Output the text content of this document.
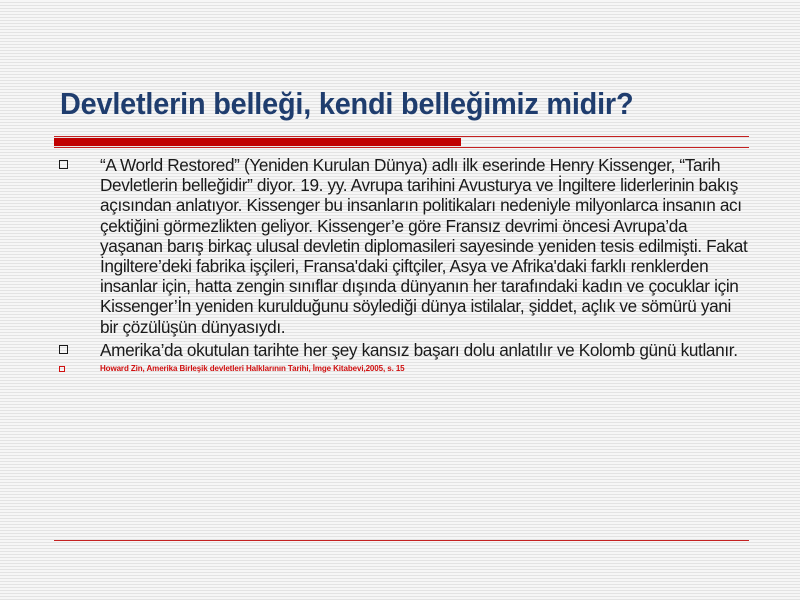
Devletlerin belleği, kendi belleğimiz midir?
“A World Restored” (Yeniden Kurulan Dünya) adlı ilk eserinde Henry Kissenger, “Tarih Devletlerin belleğidir” diyor. 19. yy. Avrupa tarihini Avusturya ve İngiltere liderlerinin bakış açısından anlatıyor. Kissenger bu insanların politikaları nedeniyle milyonlarca insanın acı çektiğini görmezlikten geliyor. Kissenger’e göre Fransız devrimi öncesi Avrupa’da yaşanan barış birkaç ulusal devletin diplomasileri sayesinde yeniden tesis edilmişti. Fakat İngiltere’deki fabrika işçileri, Fransa'daki çiftçiler, Asya ve Afrika'daki farklı renklerden insanlar için, hatta zengin sınıflar dışında dünyanın her tarafındaki kadın ve çocuklar için Kissenger’İn yeniden kurulduğunu söylediği dünya istilalar, şiddet, açlık ve sömürü yani bir çözülüşün dünyasıydı.
Amerika’da okutulan tarihte her şey kansız başarı dolu anlatılır ve Kolomb günü kutlanır.
Howard Zin, Amerika Birleşik devletleri Halklarının Tarihi, İmge Kitabevi,2005, s. 15
